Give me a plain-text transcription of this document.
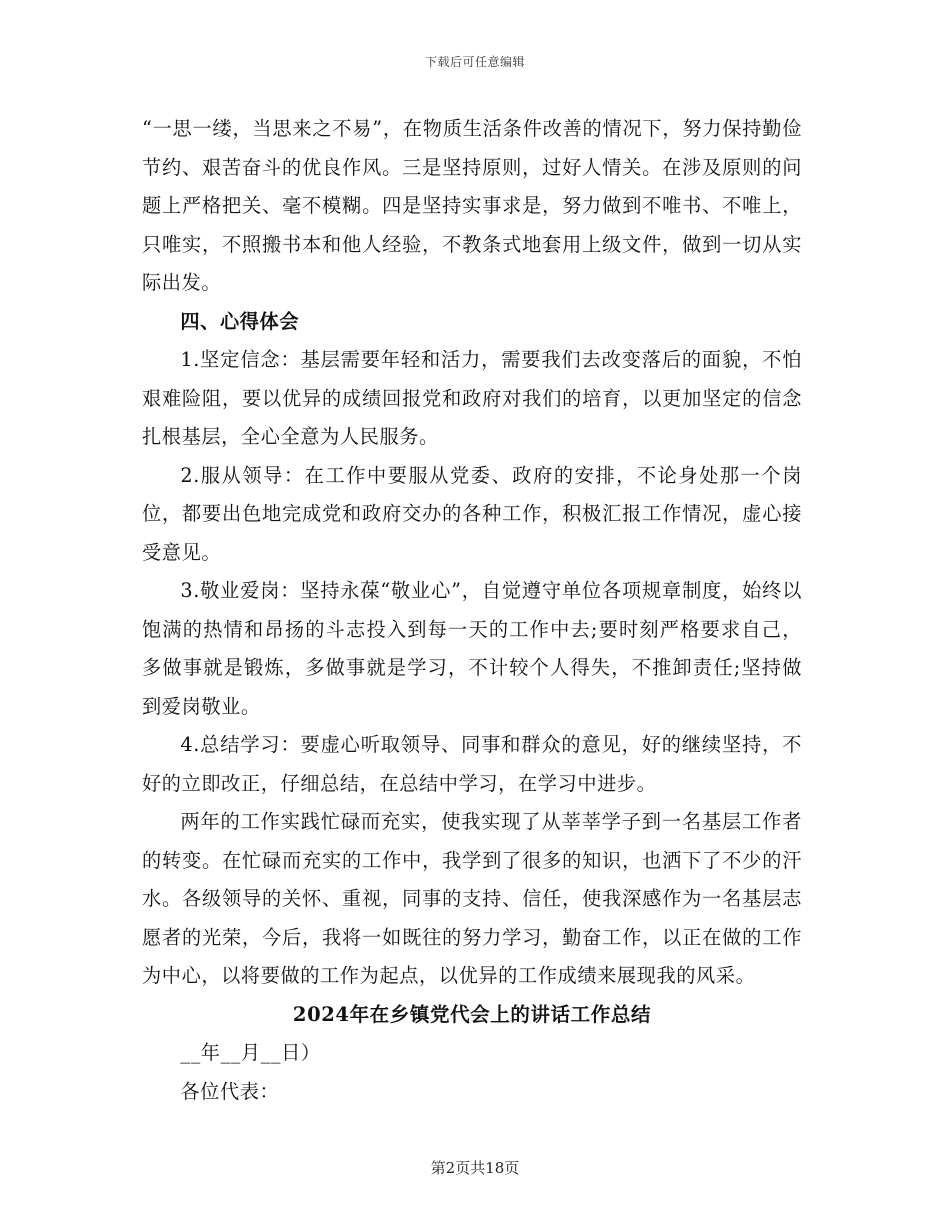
下载后可任意编辑

“一思一缕，当思来之不易”，在物质生活条件改善的情况下，努力保持勤俭节约、艰苦奋斗的优良作风。三是坚持原则，过好人情关。在涉及原则的问题上严格把关、毫不模糊。四是坚持实事求是，努力做到不唯书、不唯上，只唯实，不照搬书本和他人经验，不教条式地套用上级文件，做到一切从实际出发。

四、心得体会

1.坚定信念：基层需要年轻和活力，需要我们去改变落后的面貌，不怕艰难险阻，要以优异的成绩回报党和政府对我们的培育，以更加坚定的信念扎根基层，全心全意为人民服务。

2.服从领导：在工作中要服从党委、政府的安排，不论身处那一个岗位，都要出色地完成党和政府交办的各种工作，积极汇报工作情况，虚心接受意见。

3.敬业爱岗：坚持永葆“敬业心”，自觉遵守单位各项规章制度，始终以饱满的热情和昂扬的斗志投入到每一天的工作中去;要时刻严格要求自己，多做事就是锻炼，多做事就是学习，不计较个人得失，不推卸责任;坚持做到爱岗敬业。

4.总结学习：要虚心听取领导、同事和群众的意见，好的继续坚持，不好的立即改正，仔细总结，在总结中学习，在学习中进步。

两年的工作实践忙碌而充实，使我实现了从莘莘学子到一名基层工作者的转变。在忙碌而充实的工作中，我学到了很多的知识，也洒下了不少的汗水。各级领导的关怀、重视，同事的支持、信任，使我深感作为一名基层志愿者的光荣，今后，我将一如既往的努力学习，勤奋工作，以正在做的工作为中心，以将要做的工作为起点，以优异的工作成绩来展现我的风采。

2024年在乡镇党代会上的讲话工作总结

__年__月__日）

各位代表：

第2页共18页
